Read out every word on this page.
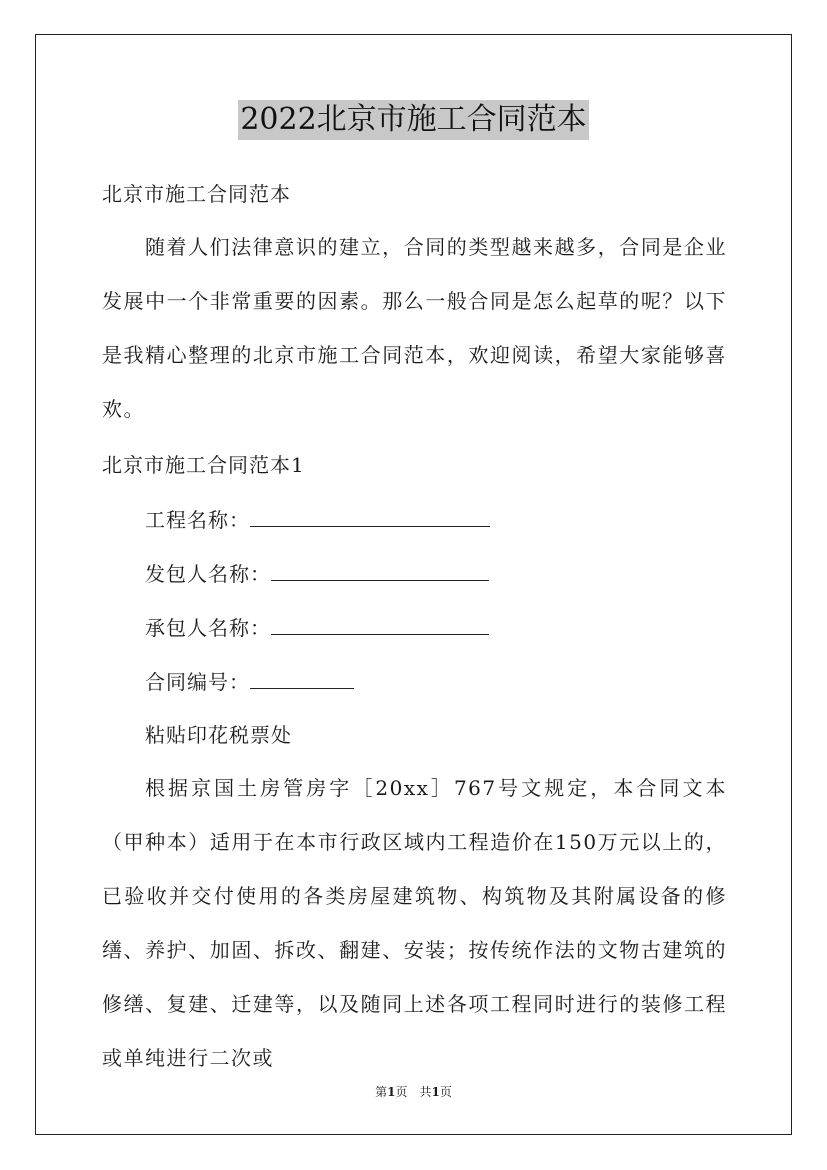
2022北京市施工合同范本
北京市施工合同范本
随着人们法律意识的建立，合同的类型越来越多，合同是企业发展中一个非常重要的因素。那么一般合同是怎么起草的呢？以下是我精心整理的北京市施工合同范本，欢迎阅读，希望大家能够喜欢。
北京市施工合同范本1
工程名称：
发包人名称：
承包人名称：
合同编号：
粘贴印花税票处
根据京国土房管房字［20xx］767号文规定，本合同文本（甲种本）适用于在本市行政区域内工程造价在150万元以上的，已验收并交付使用的各类房屋建筑物、构筑物及其附属设备的修缮、养护、加固、拆改、翻建、安装；按传统作法的文物古建筑的修缮、复建、迁建等，以及随同上述各项工程同时进行的装修工程或单纯进行二次或
第1页　共1页
